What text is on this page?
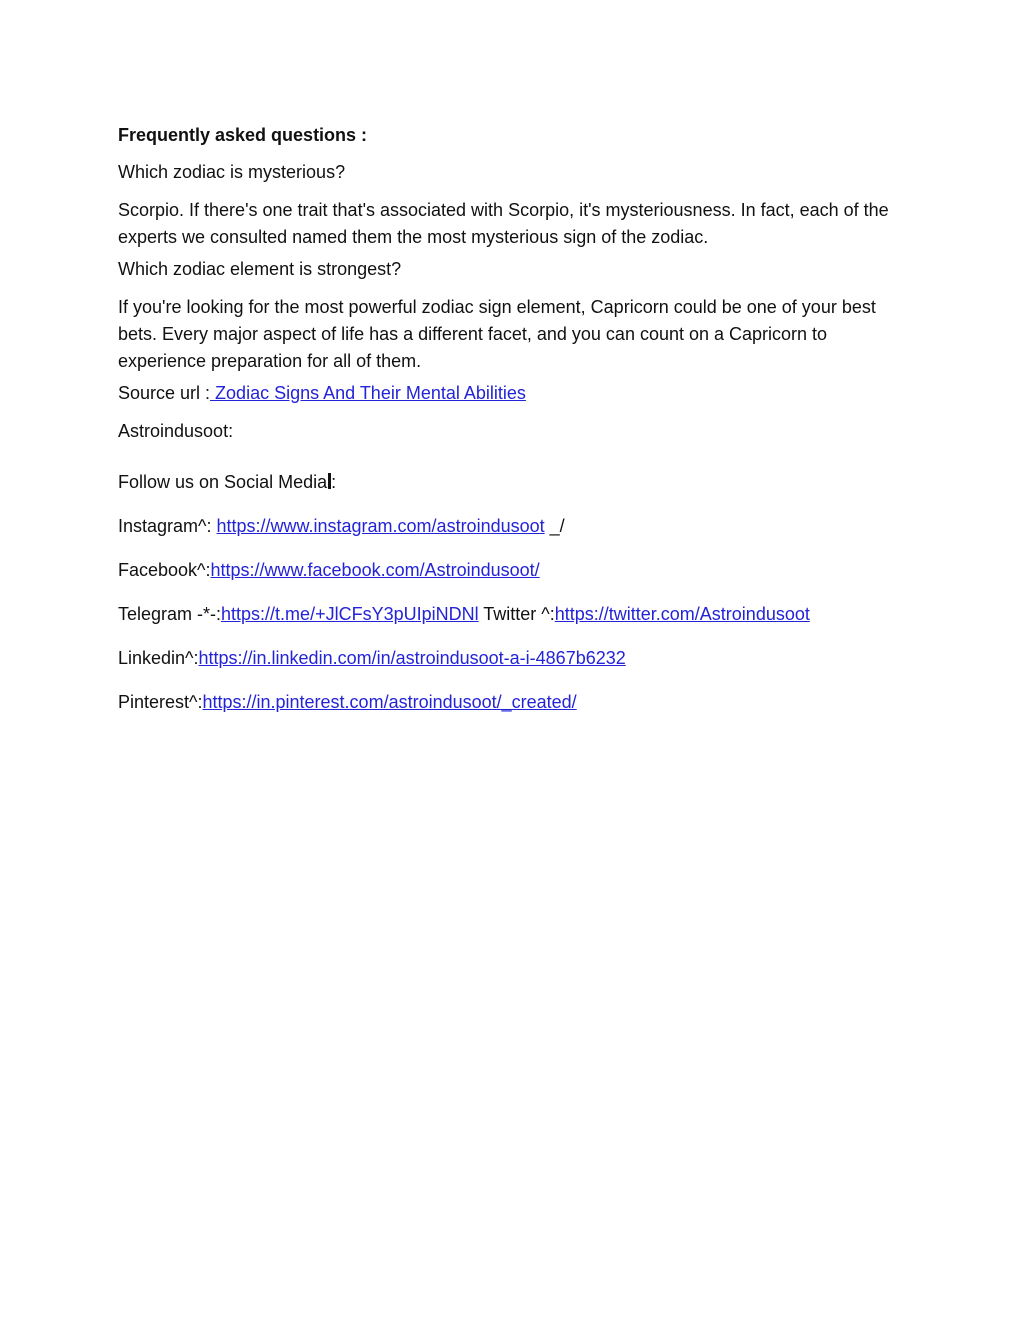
Frequently asked questions :

Which zodiac is mysterious?

Scorpio. If there's one trait that's associated with Scorpio, it's mysteriousness. In fact, each of the experts we consulted named them the most mysterious sign of the zodiac.

Which zodiac element is strongest?

If you're looking for the most powerful zodiac sign element, Capricorn could be one of your best bets. Every major aspect of life has a different facet, and you can count on a Capricorn to experience preparation for all of them.

Source url : Zodiac Signs And Their Mental Abilities

Astroindusoot:

Follow us on Social Media :

Instagram^: https://www.instagram.com/astroindusoot _/

Facebook^:https://www.facebook.com/Astroindusoot/

Telegram -*-:https://t.me/+JlCFsY3pUIpiNDNl Twitter ^:https://twitter.com/Astroindusoot

Linkedin^:https://in.linkedin.com/in/astroindusoot-a-i-4867b6232

Pinterest^:https://in.pinterest.com/astroindusoot/_created/
